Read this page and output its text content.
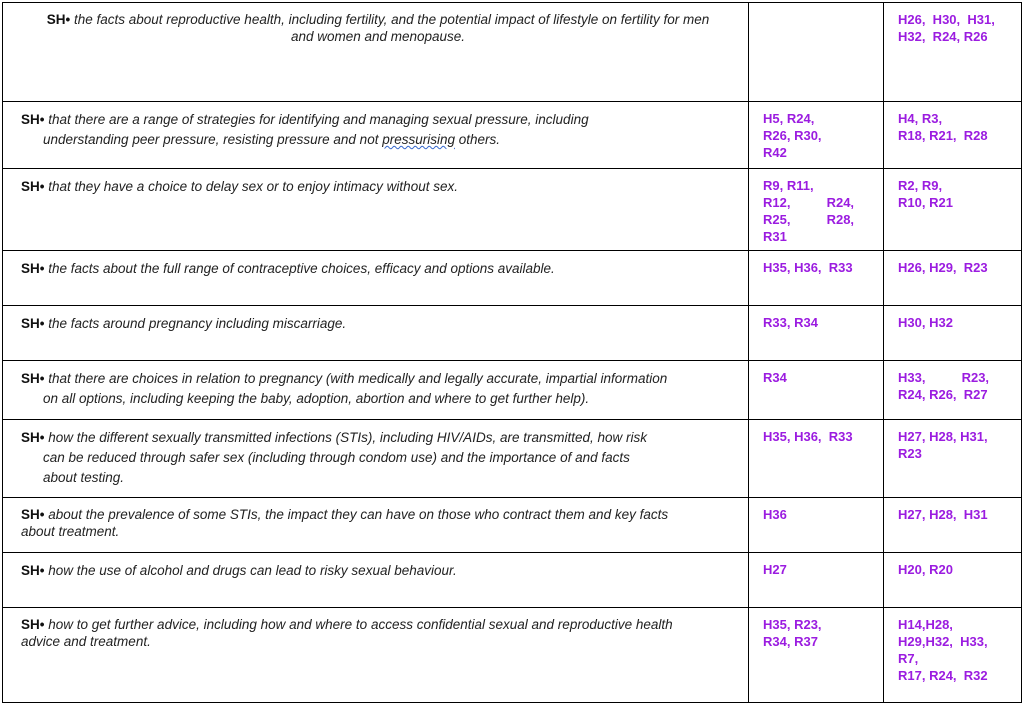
SH• the facts about reproductive health, including fertility, and the potential impact of lifestyle on fertility for men
and women and menopause.		H26,  H30,  H31,
H32,  R24, R26

SH• that there are a range of strategies for identifying and managing sexual pressure, including
understanding peer pressure, resisting pressure and not pressurising others.	H5, R24,
R26, R30,
R42	H4, R3,
R18, R21,  R28

SH• that they have a choice to delay sex or to enjoy intimacy without sex.	R9, R11,
R12,          R24,
R25,          R28,
R31	R2, R9,
R10, R21

SH• the facts about the full range of contraceptive choices, efficacy and options available.	H35, H36,  R33	H26, H29,  R23

SH• the facts around pregnancy including miscarriage.	R33, R34	H30, H32

SH• that there are choices in relation to pregnancy (with medically and legally accurate, impartial information
on all options, including keeping the baby, adoption, abortion and where to get further help).	R34	H33,          R23,
R24, R26,  R27

SH• how the different sexually transmitted infections (STIs), including HIV/AIDs, are transmitted, how risk
can be reduced through safer sex (including through condom use) and the importance of and facts
about testing.	H35, H36,  R33	H27, H28, H31,
R23

SH• about the prevalence of some STIs, the impact they can have on those who contract them and key facts
about treatment.	H36	H27, H28,  H31

SH• how the use of alcohol and drugs can lead to risky sexual behaviour.	H27	H20, R20

SH• how to get further advice, including how and where to access confidential sexual and reproductive health
advice and treatment.	H35, R23,
R34, R37	H14,H28,
H29,H32,  H33,
R7,
R17, R24,  R32
